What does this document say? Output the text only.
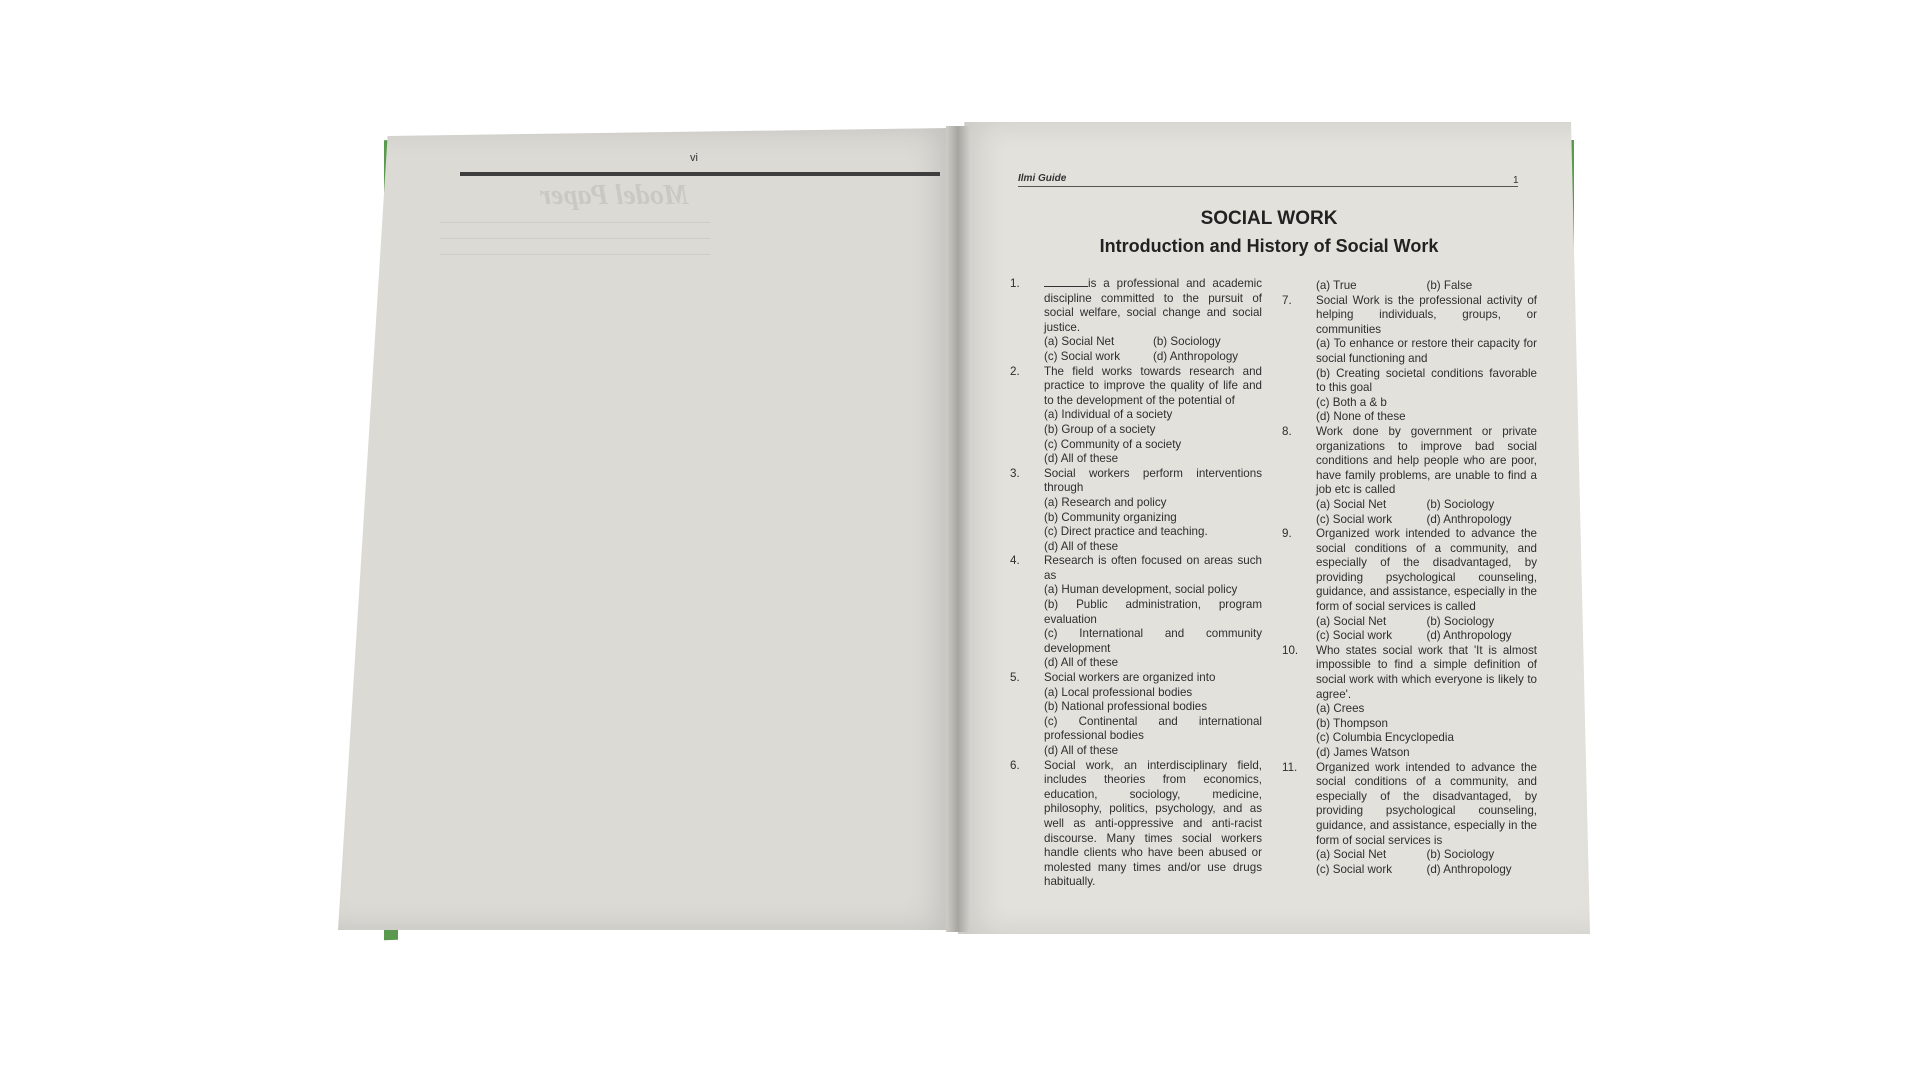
vi
Model Paper
Ilmi Guide	1
SOCIAL WORK
Introduction and History of Social Work
1.	is a professional and academic discipline committed to the pursuit of social welfare, social change and social justice.
(a) Social Net	(b) Sociology
(c) Social work	(d) Anthropology
2.	The field works towards research and practice to improve the quality of life and to the development of the potential of
(a) Individual of a society
(b) Group of a society
(c) Community of a society
(d) All of these
3.	Social workers perform interventions through
(a) Research and policy
(b) Community organizing
(c) Direct practice and teaching.
(d) All of these
4.	Research is often focused on areas such as
(a) Human development, social policy
(b) Public administration, program evaluation
(c) International and community development
(d) All of these
5.	Social workers are organized into
(a) Local professional bodies
(b) National professional bodies
(c) Continental and international professional bodies
(d) All of these
6.	Social work, an interdisciplinary field, includes theories from economics, education, sociology, medicine, philosophy, politics, psychology, and as well as anti-oppressive and anti-racist discourse. Many times social workers handle clients who have been abused or molested many times and/or use drugs habitually.
(a) True	(b) False
7.	Social Work is the professional activity of helping individuals, groups, or communities
(a) To enhance or restore their capacity for social functioning and
(b) Creating societal conditions favorable to this goal
(c) Both a & b
(d) None of these
8.	Work done by government or private organizations to improve bad social conditions and help people who are poor, have family problems, are unable to find a job etc is called
(a) Social Net	(b) Sociology
(c) Social work	(d) Anthropology
9.	Organized work intended to advance the social conditions of a community, and especially of the disadvantaged, by providing psychological counseling, guidance, and assistance, especially in the form of social services is called
(a) Social Net	(b) Sociology
(c) Social work	(d) Anthropology
10.	Who states social work that 'It is almost impossible to find a simple definition of social work with which everyone is likely to agree'.
(a) Crees
(b) Thompson
(c) Columbia Encyclopedia
(d) James Watson
11.	Organized work intended to advance the social conditions of a community, and especially of the disadvantaged, by providing psychological counseling, guidance, and assistance, especially in the form of social services is
(a) Social Net	(b) Sociology
(c) Social work	(d) Anthropology
